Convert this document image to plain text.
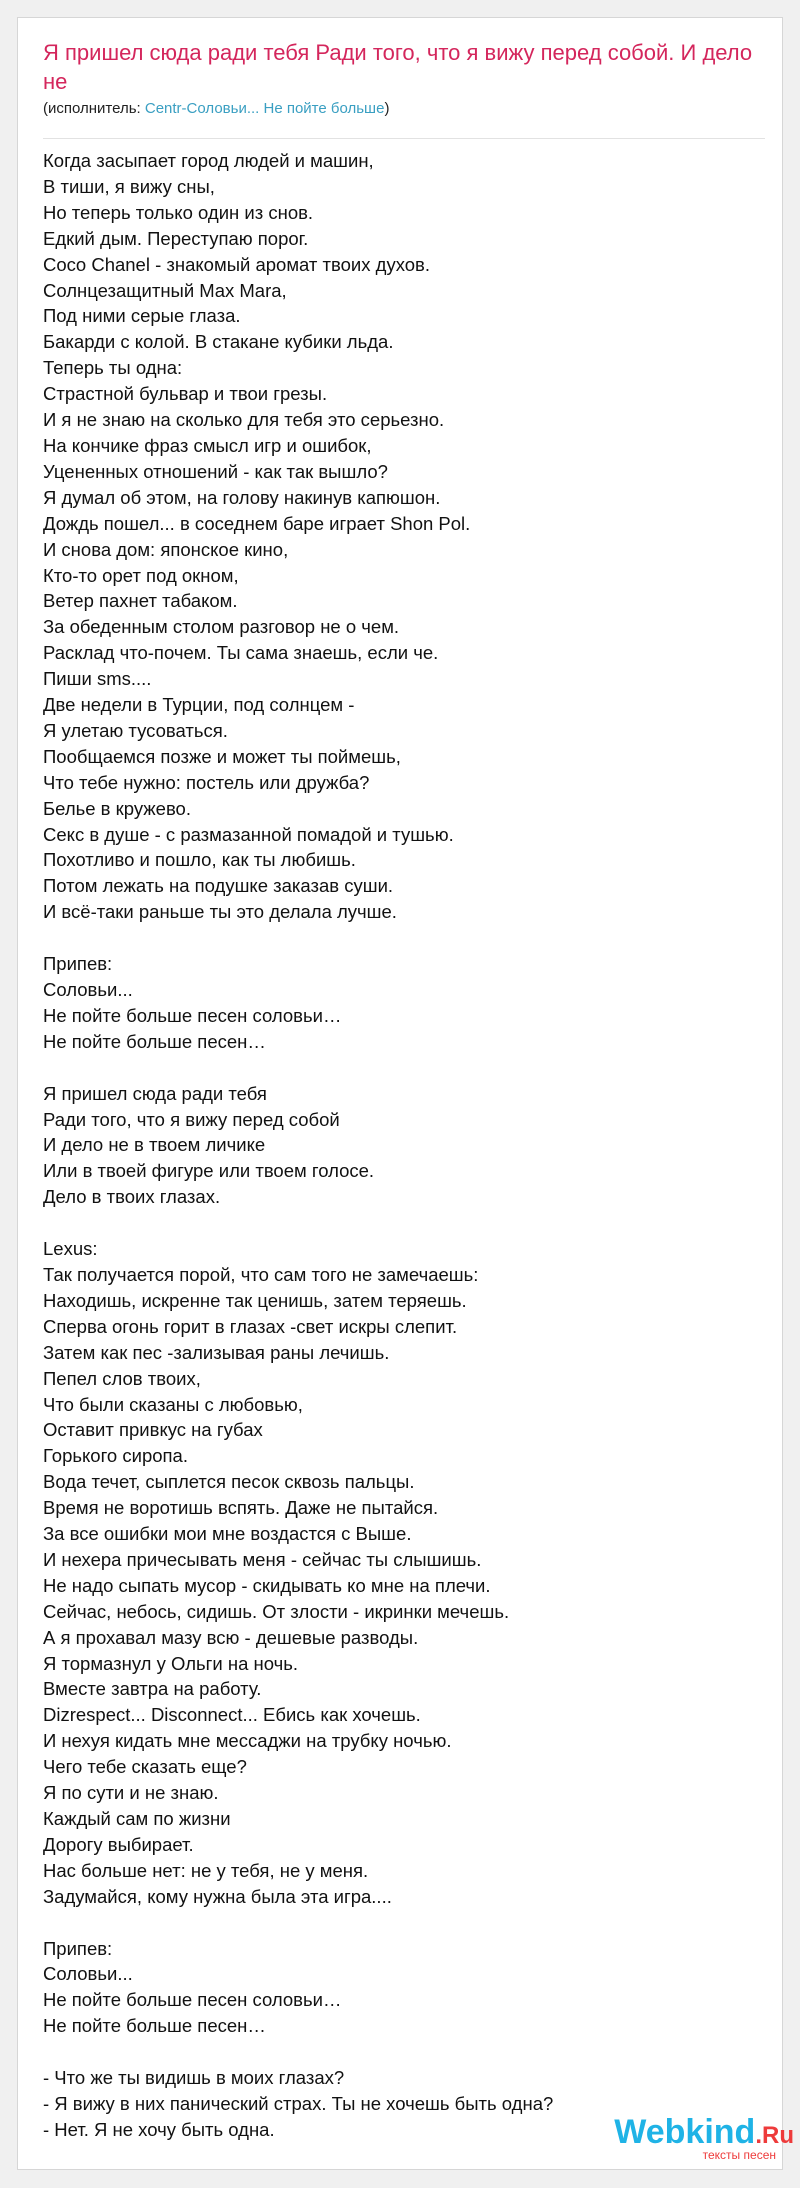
Я пришел сюда ради тебя Ради того, что я вижу перед собой. И дело не
(исполнитель: Centr-Соловьи... Не пойте больше)
Когда засыпает город людей и машин,
В тиши, я вижу сны,
Но теперь только один из снов.
Едкий дым. Переступаю порог.
Coco Chanel - знакомый аромат твоих духов.
Солнцезащитный Max Mara,
Под ними серые глаза.
Бакарди с колой. В стакане кубики льда.
Теперь ты одна:
Страстной бульвар и твои грезы.
И я не знаю на сколько для тебя это серьезно.
На кончике фраз смысл игр и ошибок,
Уцененных отношений - как так вышло?
Я думал об этом, на голову накинув капюшон.
Дождь пошел... в соседнем баре играет Shon Pol.
И снова дом: японское кино,
Кто-то орет под окном,
Ветер пахнет табаком.
За обеденным столом разговор не о чем.
Расклад что-почем. Ты сама знаешь, если че.
Пиши sms....
Две недели в Турции, под солнцем -
Я улетаю тусоваться.
Пообщаемся позже и может ты поймешь,
Что тебе нужно: постель или дружба?
Белье в кружево.
Секс в душе - с размазанной помадой и тушью.
Похотливо и пошло, как ты любишь.
Потом лежать на подушке заказав суши.
И всё-таки раньше ты это делала лучше.

Припев:
Соловьи...
Не пойте больше песен соловьи…
Не пойте больше песен…

Я пришел сюда ради тебя
Ради того, что я вижу перед собой
И дело не в твоем личике
Или в твоей фигуре или твоем голосе.
Дело в твоих глазах.

Lexus:
Так получается порой, что сам того не замечаешь:
Находишь, искренне так ценишь, затем теряешь.
Сперва огонь горит в глазах -свет искры слепит.
Затем как пес -зализывая раны лечишь.
Пепел слов твоих,
Что были сказаны с любовью,
Оставит привкус на губах
Горького сиропа.
Вода течет, сыплется песок сквозь пальцы.
Время не воротишь вспять. Даже не пытайся.
За все ошибки мои мне воздастся с Выше.
И нехера причесывать меня - сейчас ты слышишь.
Не надо сыпать мусор - скидывать ко мне на плечи.
Сейчас, небось, сидишь. От злости - икринки мечешь.
А я прохавал мазу всю - дешевые разводы.
Я тормазнул у Ольги на ночь.
Вместе завтра на работу.
Dizrespect... Disconnect... Ебись как хочешь.
И нехуя кидать мне мессаджи на трубку ночью.
Чего тебе сказать еще?
Я по сути и не знаю.
Каждый сам по жизни
Дорогу выбирает.
Нас больше нет: не у тебя, не у меня.
Задумайся, кому нужна была эта игра....

Припев:
Соловьи...
Не пойте больше песен соловьи…
Не пойте больше песен…

- Что же ты видишь в моих глазах?
- Я вижу в них панический страх. Ты не хочешь быть одна?
- Нет. Я не хочу быть одна.	Webkind.Ru
тексты песен
